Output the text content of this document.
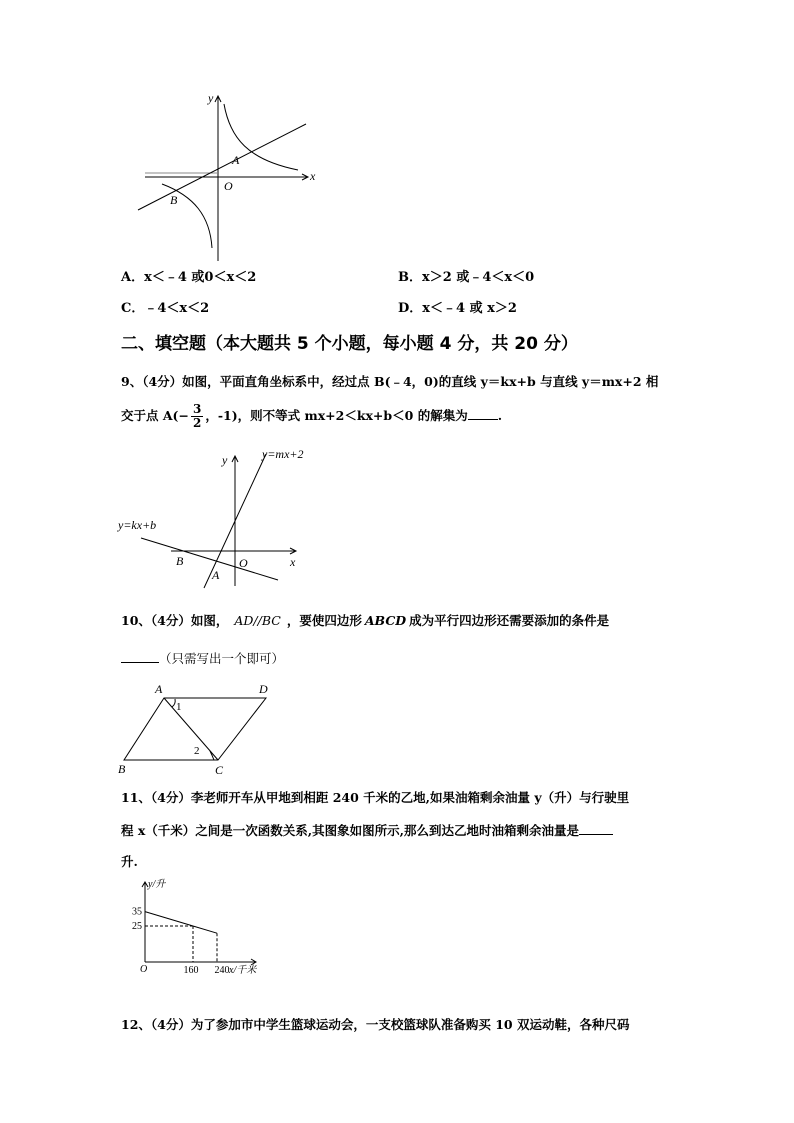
y
x
O
A
B
A．x＜﹣4 或0＜x＜2	B．x＞2 或﹣4＜x＜0
C．﹣4＜x＜2	D．x＜﹣4 或 x＞2
二、填空题（本大题共 5 个小题，每小题 4 分，共 20 分）
9、（4分）如图，平面直角坐标系中，经过点 B(﹣4，0)的直线 y＝kx+b 与直线 y＝mx+2 相
交于点 $A(- \frac{3}{2}$ ，-1)，则不等式 mx+2＜kx+b＜0 的解集为 .
y	y=mx+2
y=kx+b
x
O
B
A
10、（4分）如图， AD//BC ，要使四边形 ABCD 成为平行四边形还需要添加的条件是
（只需写出一个即可）
A	D
B	C
1
2
11、（4分）李老师开车从甲地到相距 240 千米的乙地,如果油箱剩余油量 y（升）与行驶里
程 x（千米）之间是一次函数关系,其图象如图所示,那么到达乙地时油箱剩余油量是
升.
y/升
x/千米
O
35
25
160 240
12、（4分）为了参加市中学生篮球运动会，一支校篮球队准备购买 10 双运动鞋，各种尺码
